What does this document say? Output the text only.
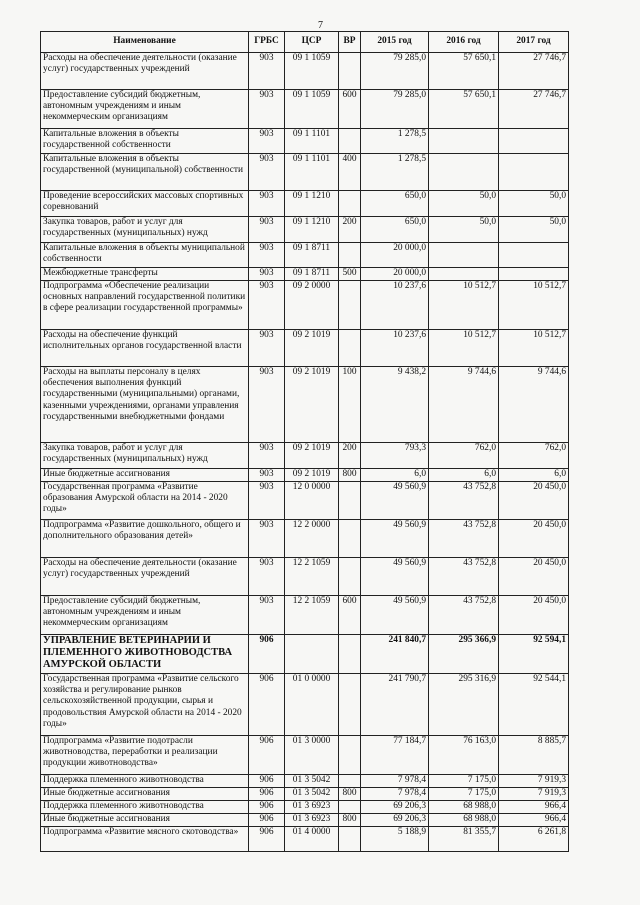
7
Наименование	ГРБС	ЦСР	ВР	2015 год	2016 год	2017 год
Расходы на обеспечение деятельности (оказание услуг) государственных учреждений	903	09 1 1059		79 285,0	57 650,1	27 746,7
Предоставление субсидий бюджетным, автономным учреждениям и иным некоммерческим организациям	903	09 1 1059	600	79 285,0	57 650,1	27 746,7
Капитальные вложения в объекты государственной собственности	903	09 1 1101		1 278,5		
Капитальные вложения в объекты государственной (муниципальной) собственности	903	09 1 1101	400	1 278,5		
Проведение всероссийских массовых спортивных соревнований	903	09 1 1210		650,0	50,0	50,0
Закупка товаров, работ и услуг для государственных (муниципальных) нужд	903	09 1 1210	200	650,0	50,0	50,0
Капитальные вложения в объекты муниципальной собственности	903	09 1 8711		20 000,0		
Межбюджетные трансферты	903	09 1 8711	500	20 000,0		
Подпрограмма «Обеспечение реализации основных направлений государственной политики в сфере реализации государственной программы»	903	09 2 0000		10 237,6	10 512,7	10 512,7
Расходы на обеспечение функций исполнительных органов государственной власти	903	09 2 1019		10 237,6	10 512,7	10 512,7
Расходы на выплаты персоналу в целях обеспечения выполнения функций государственными (муниципальными) органами, казенными учреждениями, органами управления государственными внебюджетными фондами	903	09 2 1019	100	9 438,2	9 744,6	9 744,6
Закупка товаров, работ и услуг для государственных (муниципальных) нужд	903	09 2 1019	200	793,3	762,0	762,0
Иные бюджетные ассигнования	903	09 2 1019	800	6,0	6,0	6,0
Государственная программа «Развитие образования Амурской области на 2014 - 2020 годы»	903	12 0 0000		49 560,9	43 752,8	20 450,0
Подпрограмма «Развитие дошкольного, общего и дополнительного образования детей»	903	12 2 0000		49 560,9	43 752,8	20 450,0
Расходы на обеспечение деятельности (оказание услуг) государственных учреждений	903	12 2 1059		49 560,9	43 752,8	20 450,0
Предоставление субсидий бюджетным, автономным учреждениям и иным некоммерческим организациям	903	12 2 1059	600	49 560,9	43 752,8	20 450,0
УПРАВЛЕНИЕ ВЕТЕРИНАРИИ И ПЛЕМЕННОГО ЖИВОТНОВОДСТВА АМУРСКОЙ ОБЛАСТИ	906			241 840,7	295 366,9	92 594,1
Государственная программа «Развитие сельского хозяйства и регулирование рынков сельскохозяйственной продукции, сырья и продовольствия Амурской области на 2014 - 2020 годы»	906	01 0 0000		241 790,7	295 316,9	92 544,1
Подпрограмма «Развитие подотрасли животноводства, переработки и реализации продукции животноводства»	906	01 3 0000		77 184,7	76 163,0	8 885,7
Поддержка племенного животноводства	906	01 3 5042		7 978,4	7 175,0	7 919,3
Иные бюджетные ассигнования	906	01 3 5042	800	7 978,4	7 175,0	7 919,3
Поддержка племенного животноводства	906	01 3 6923		69 206,3	68 988,0	966,4
Иные бюджетные ассигнования	906	01 3 6923	800	69 206,3	68 988,0	966,4
Подпрограмма «Развитие мясного скотоводства»	906	01 4 0000		5 188,9	81 355,7	6 261,8
